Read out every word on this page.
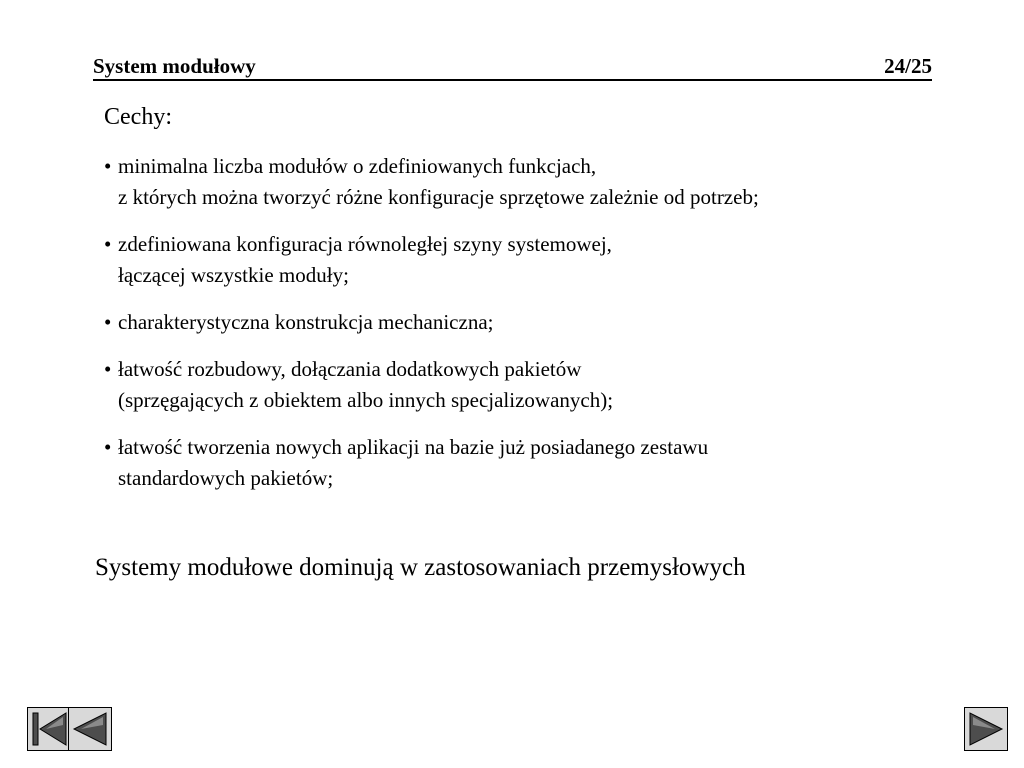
System modułowy	24/25
Cechy:
• minimalna liczba modułów o zdefiniowanych funkcjach,
z których można tworzyć różne konfiguracje sprzętowe zależnie od potrzeb;
• zdefiniowana konfiguracja równoległej szyny systemowej,
łączącej wszystkie moduły;
• charakterystyczna konstrukcja mechaniczna;
• łatwość rozbudowy, dołączania dodatkowych pakietów
(sprzęgających z obiektem albo innych specjalizowanych);
• łatwość tworzenia nowych aplikacji na bazie już posiadanego zestawu
standardowych pakietów;
Systemy modułowe dominują w zastosowaniach przemysłowych
